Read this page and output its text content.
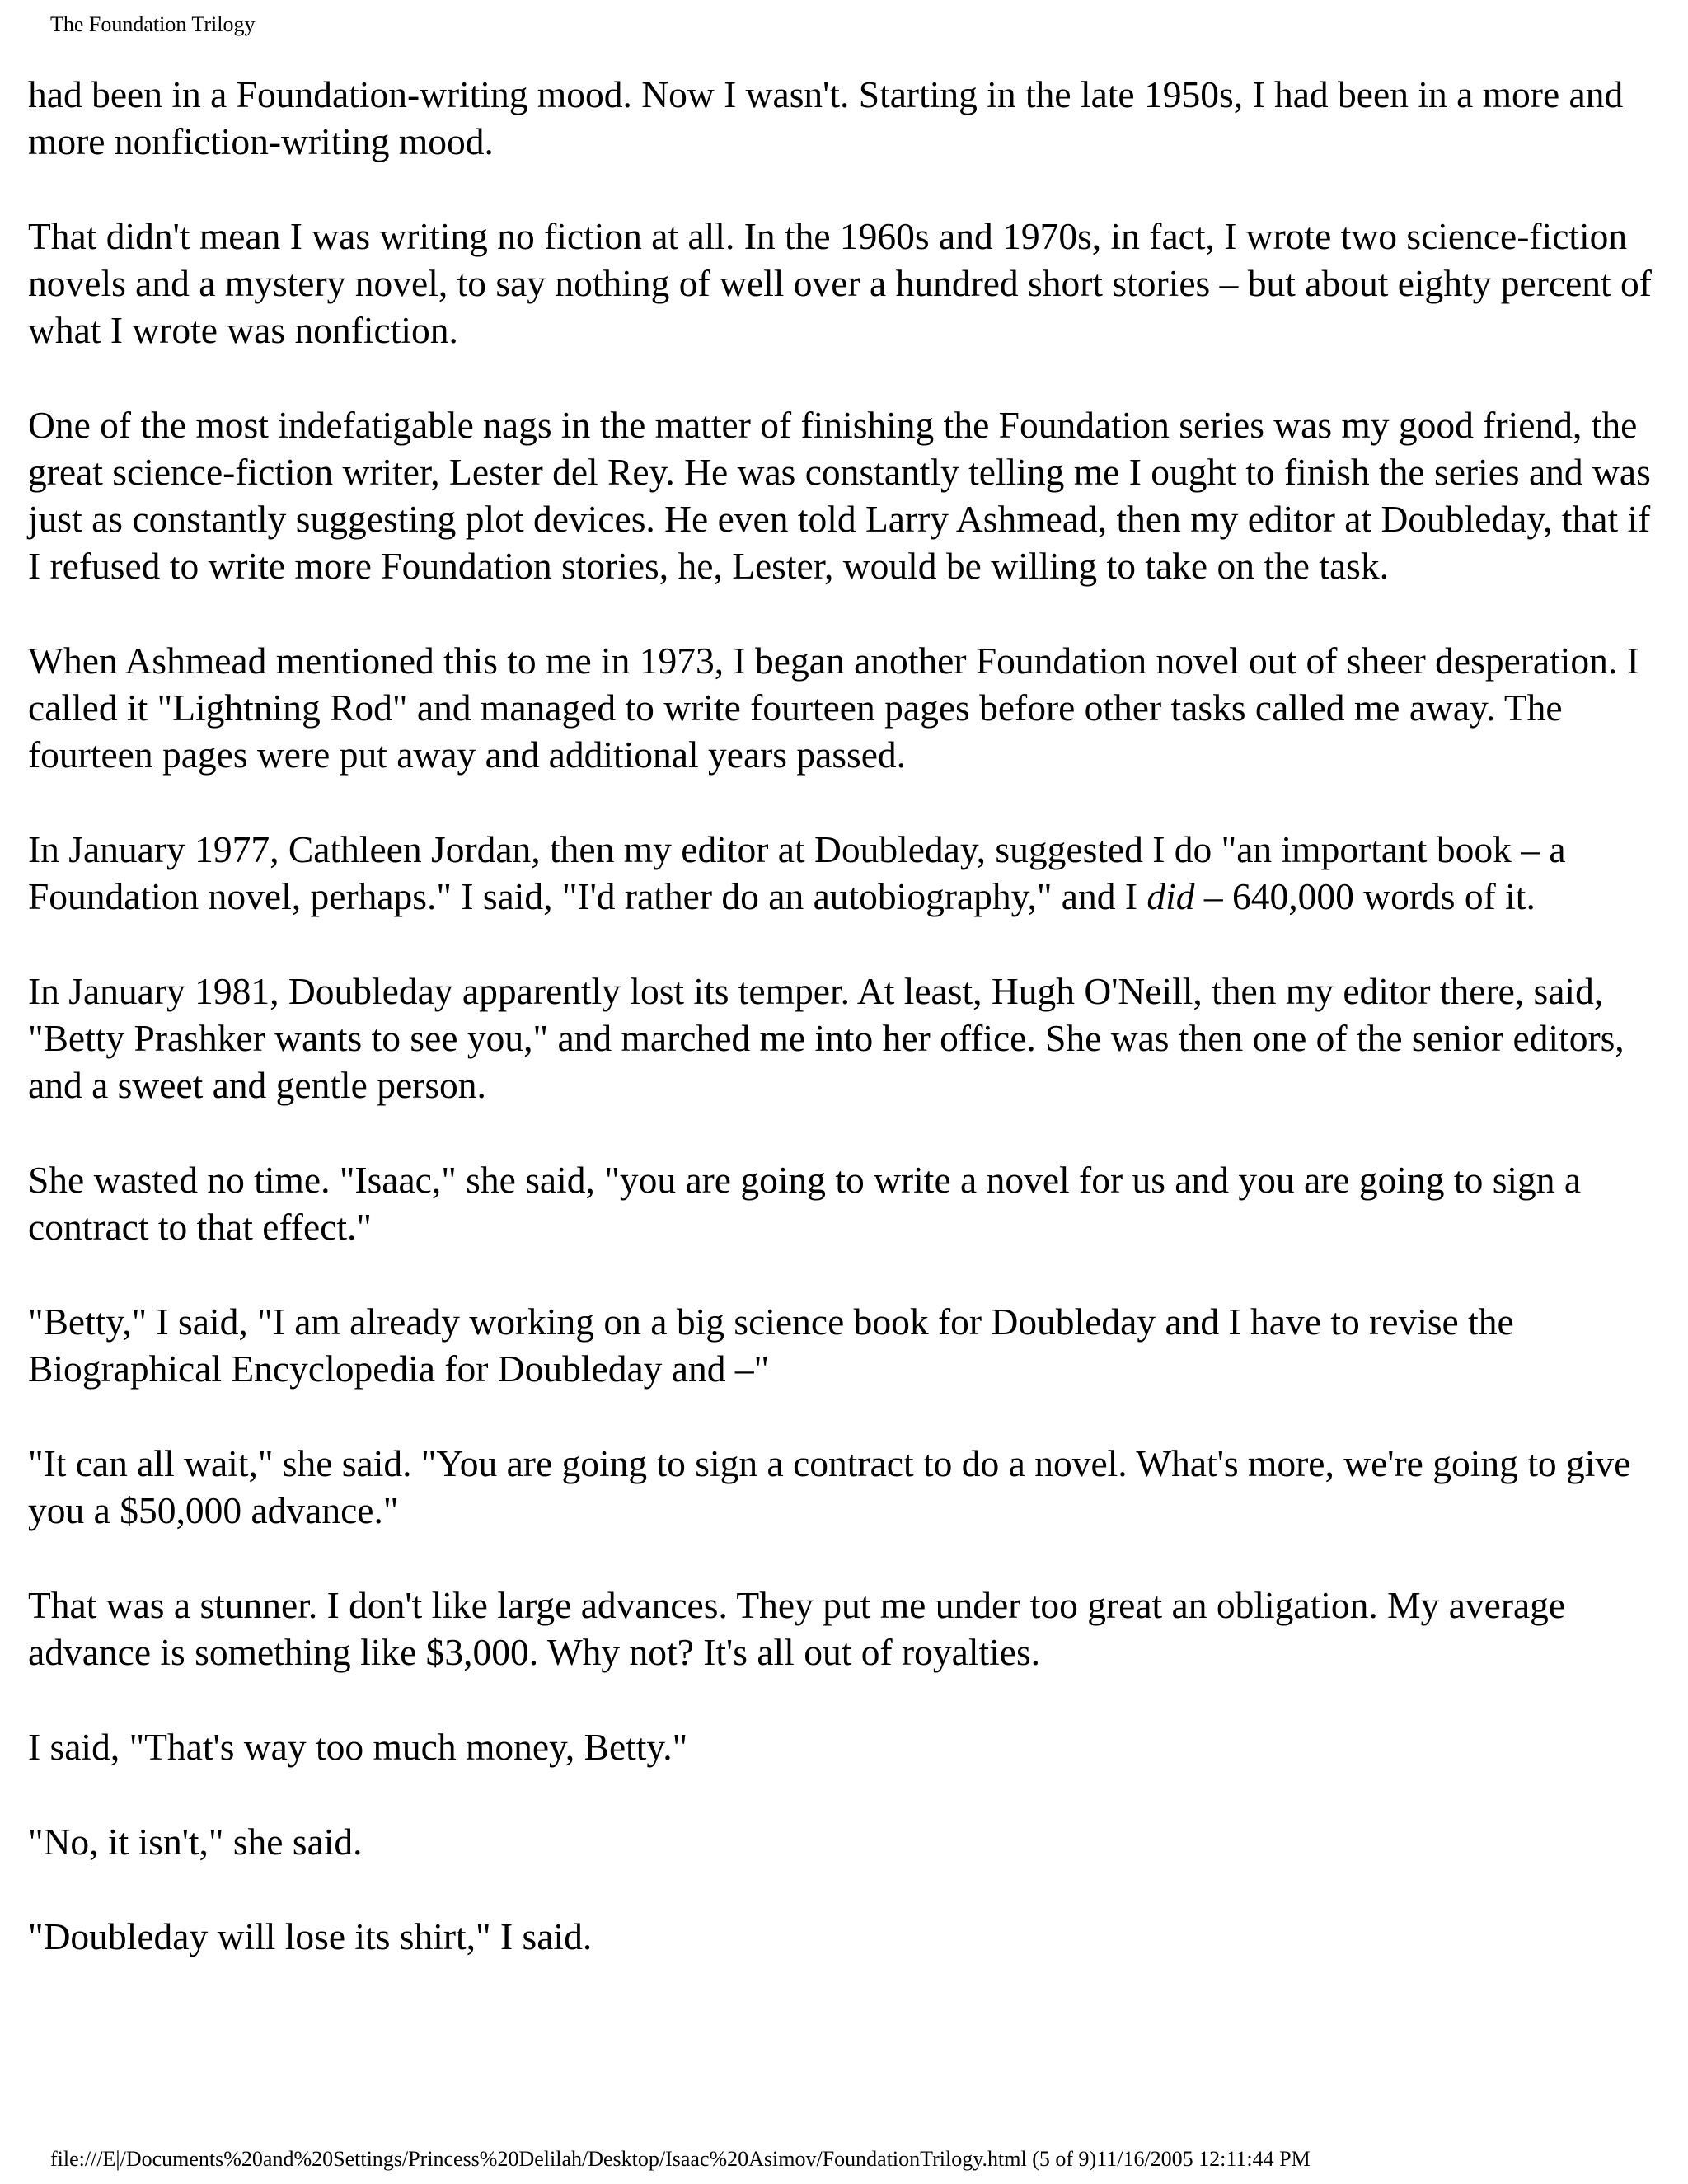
The Foundation Trilogy

had been in a Foundation-writing mood. Now I wasn't. Starting in the late 1950s, I had been in a more and more nonfiction-writing mood.

That didn't mean I was writing no fiction at all. In the 1960s and 1970s, in fact, I wrote two science-fiction novels and a mystery novel, to say nothing of well over a hundred short stories – but about eighty percent of what I wrote was nonfiction.

One of the most indefatigable nags in the matter of finishing the Foundation series was my good friend, the great science-fiction writer, Lester del Rey. He was constantly telling me I ought to finish the series and was just as constantly suggesting plot devices. He even told Larry Ashmead, then my editor at Doubleday, that if I refused to write more Foundation stories, he, Lester, would be willing to take on the task.

When Ashmead mentioned this to me in 1973, I began another Foundation novel out of sheer desperation. I called it "Lightning Rod" and managed to write fourteen pages before other tasks called me away. The fourteen pages were put away and additional years passed.

In January 1977, Cathleen Jordan, then my editor at Doubleday, suggested I do "an important book – a Foundation novel, perhaps." I said, "I'd rather do an autobiography," and I did – 640,000 words of it.

In January 1981, Doubleday apparently lost its temper. At least, Hugh O'Neill, then my editor there, said, "Betty Prashker wants to see you," and marched me into her office. She was then one of the senior editors, and a sweet and gentle person.

She wasted no time. "Isaac," she said, "you are going to write a novel for us and you are going to sign a contract to that effect."

"Betty," I said, "I am already working on a big science book for Doubleday and I have to revise the Biographical Encyclopedia for Doubleday and –"

"It can all wait," she said. "You are going to sign a contract to do a novel. What's more, we're going to give you a $50,000 advance."

That was a stunner. I don't like large advances. They put me under too great an obligation. My average advance is something like $3,000. Why not? It's all out of royalties.

I said, "That's way too much money, Betty."

"No, it isn't," she said.

"Doubleday will lose its shirt," I said.

file:///E|/Documents%20and%20Settings/Princess%20Delilah/Desktop/Isaac%20Asimov/FoundationTrilogy.html (5 of 9)11/16/2005 12:11:44 PM
